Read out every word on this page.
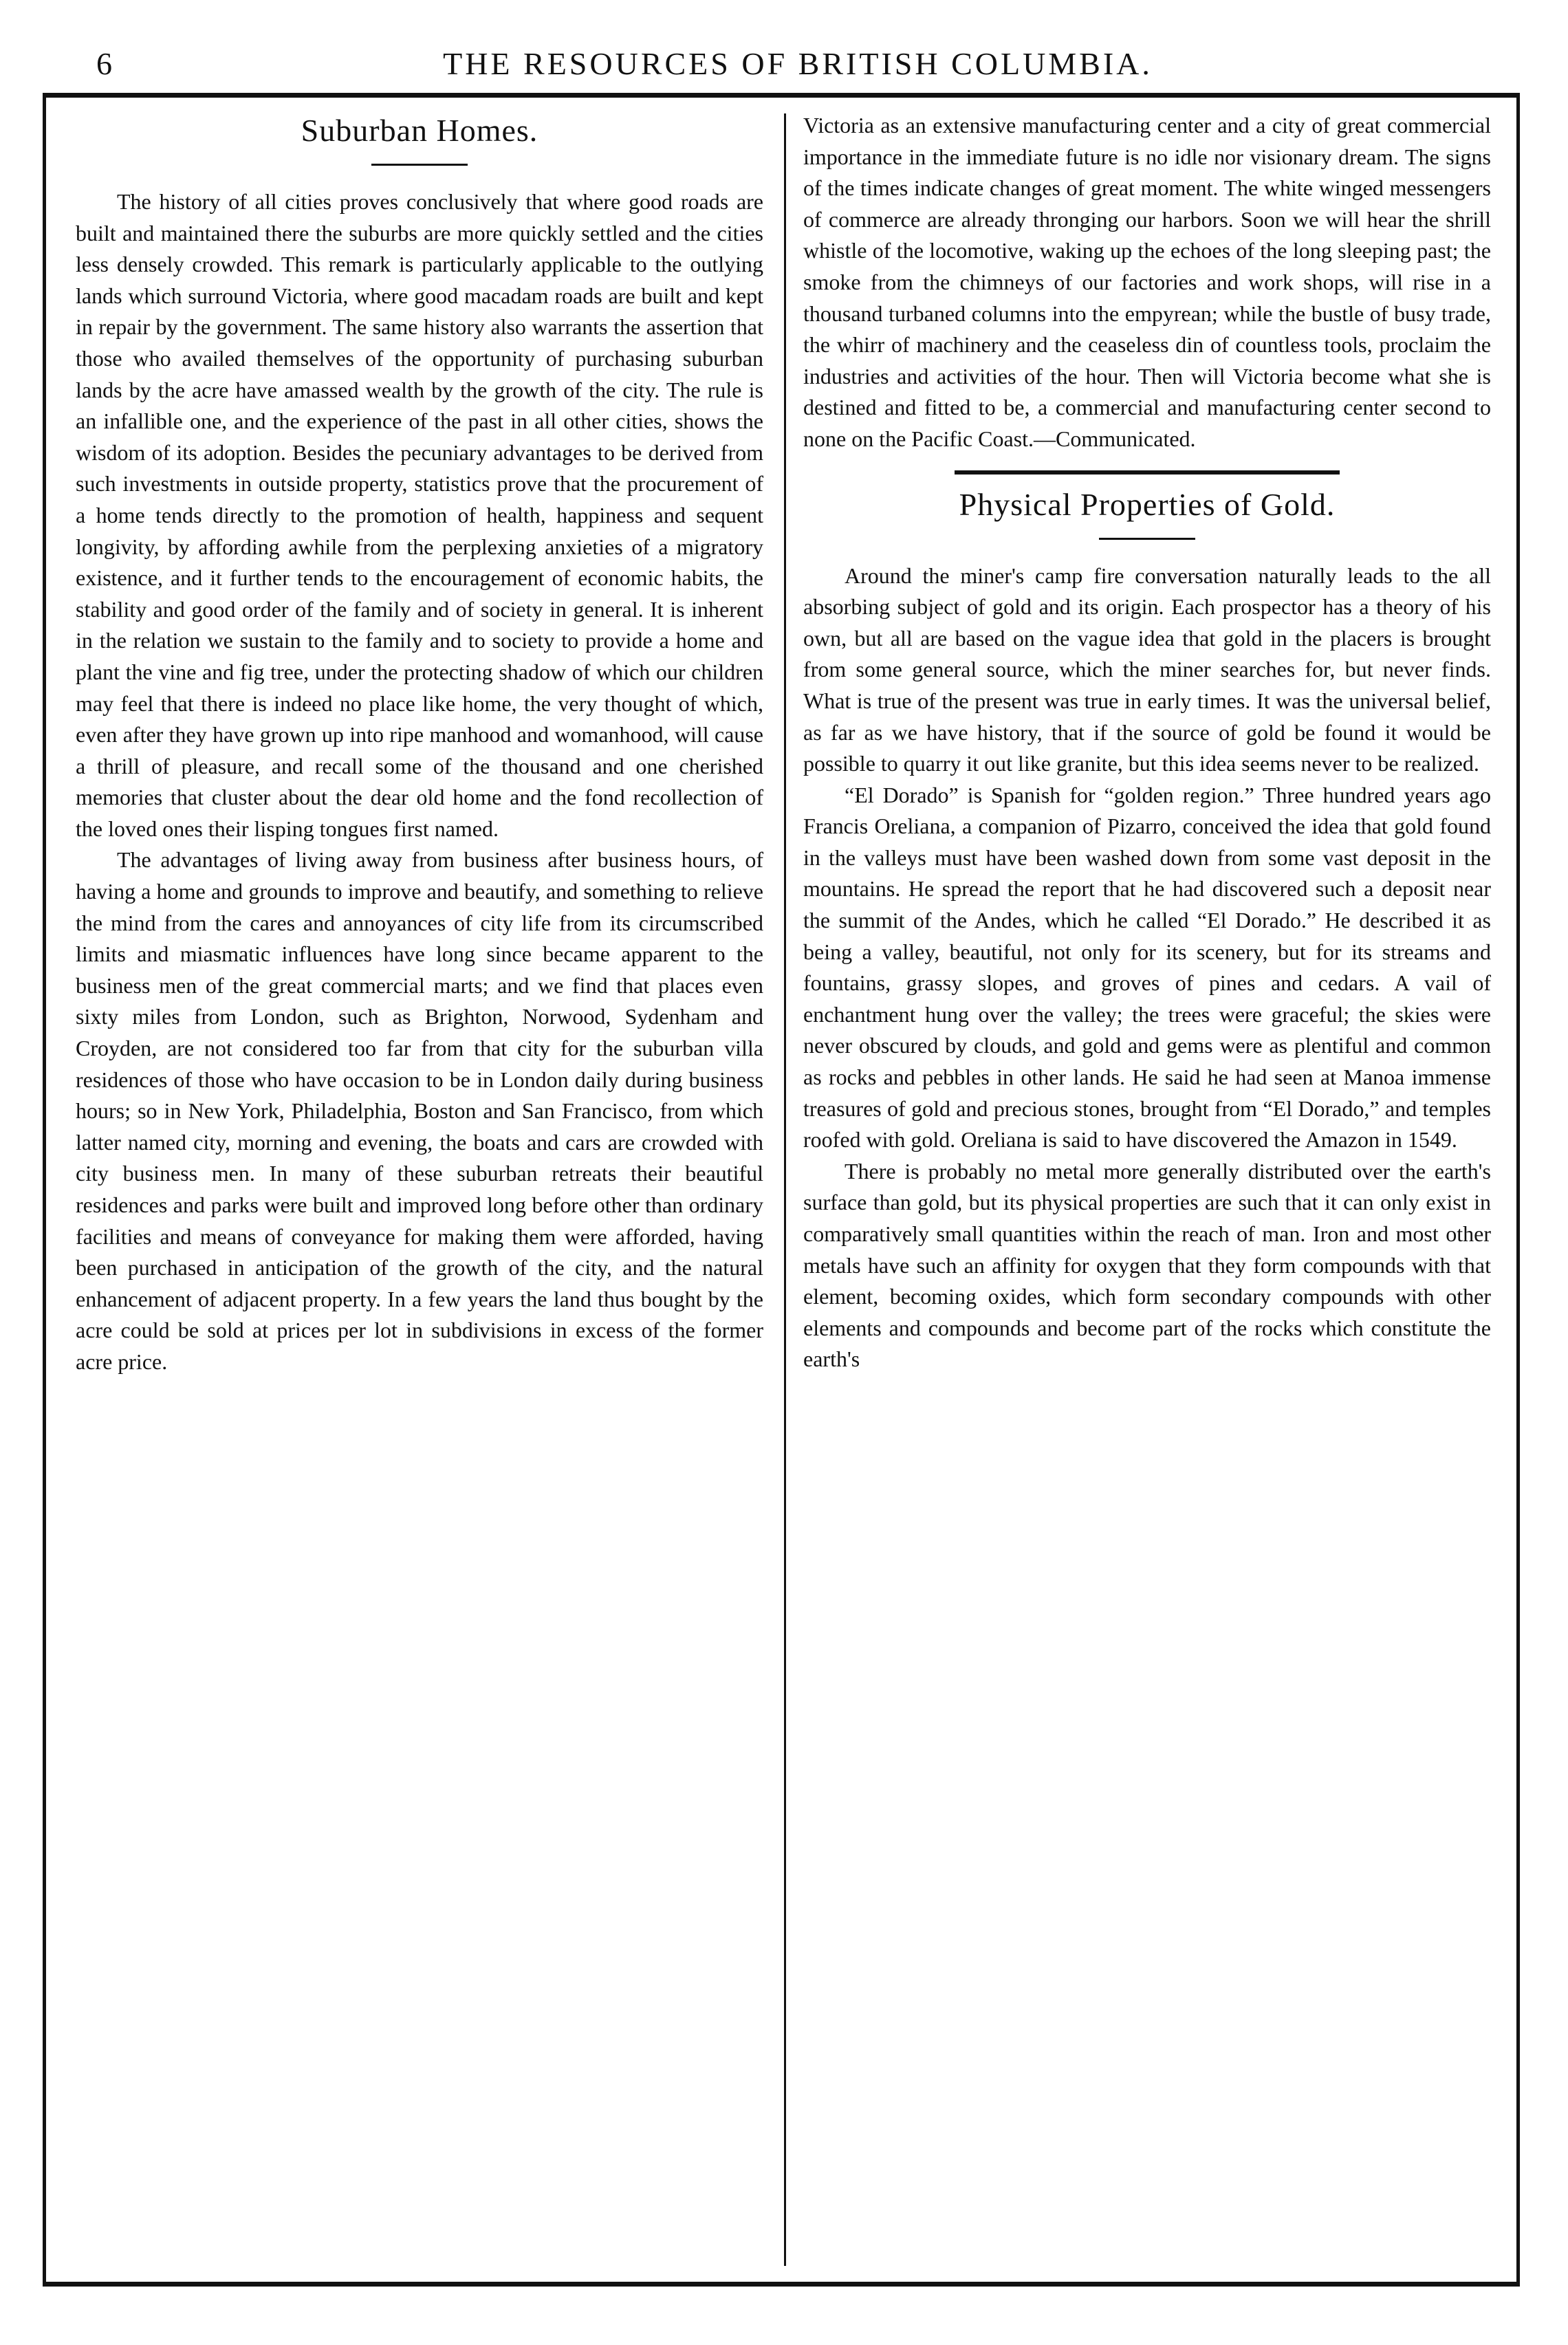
6	THE RESOURCES OF BRITISH COLUMBIA.
Suburban Homes.

The history of all cities proves conclusively that where good roads are built and maintained there the suburbs are more quickly settled and the cities less densely crowded. This remark is particularly applicable to the outlying lands which surround Victoria, where good macadam roads are built and kept in repair by the government. The same history also warrants the assertion that those who availed themselves of the opportunity of purchasing suburban lands by the acre have amassed wealth by the growth of the city. The rule is an infallible one, and the experience of the past in all other cities, shows the wisdom of its adoption. Besides the pecuniary advantages to be derived from such investments in outside property, statistics prove that the procurement of a home tends directly to the promotion of health, happiness and sequent longivity, by affording awhile from the perplexing anxieties of a migratory existence, and it further tends to the encouragement of economic habits, the stability and good order of the family and of society in general. It is inherent in the relation we sustain to the family and to society to provide a home and plant the vine and fig tree, under the protecting shadow of which our children may feel that there is indeed no place like home, the very thought of which, even after they have grown up into ripe manhood and womanhood, will cause a thrill of pleasure, and recall some of the thousand and one cherished memories that cluster about the dear old home and the fond recollection of the loved ones their lisping tongues first named.

The advantages of living away from business after business hours, of having a home and grounds to improve and beautify, and something to relieve the mind from the cares and annoyances of city life from its circumscribed limits and miasmatic influences have long since became apparent to the business men of the great commercial marts; and we find that places even sixty miles from London, such as Brighton, Norwood, Sydenham and Croyden, are not considered too far from that city for the suburban villa residences of those who have occasion to be in London daily during business hours; so in New York, Philadelphia, Boston and San Francisco, from which latter named city, morning and evening, the boats and cars are crowded with city business men. In many of these suburban retreats their beautiful residences and parks were built and improved long before other than ordinary facilities and means of conveyance for making them were afforded, having been purchased in anticipation of the growth of the city, and the natural enhancement of adjacent property. In a few years the land thus bought by the acre could be sold at prices per lot in subdivisions in excess of the former acre price.

Victoria as an extensive manufacturing center and a city of great commercial importance in the immediate future is no idle nor visionary dream. The signs of the times indicate changes of great moment. The white winged messengers of commerce are already thronging our harbors. Soon we will hear the shrill whistle of the locomotive, waking up the echoes of the long sleeping past; the smoke from the chimneys of our factories and work shops, will rise in a thousand turbaned columns into the empyrean; while the bustle of busy trade, the whirr of machinery and the ceaseless din of countless tools, proclaim the industries and activities of the hour. Then will Victoria become what she is destined and fitted to be, a commercial and manufacturing center second to none on the Pacific Coast.—Communicated.

Physical Properties of Gold.

Around the miner's camp fire conversation naturally leads to the all absorbing subject of gold and its origin. Each prospector has a theory of his own, but all are based on the vague idea that gold in the placers is brought from some general source, which the miner searches for, but never finds. What is true of the present was true in early times. It was the universal belief, as far as we have history, that if the source of gold be found it would be possible to quarry it out like granite, but this idea seems never to be realized.

“El Dorado” is Spanish for “golden region.” Three hundred years ago Francis Oreliana, a companion of Pizarro, conceived the idea that gold found in the valleys must have been washed down from some vast deposit in the mountains. He spread the report that he had discovered such a deposit near the summit of the Andes, which he called “El Dorado.” He described it as being a valley, beautiful, not only for its scenery, but for its streams and fountains, grassy slopes, and groves of pines and cedars. A vail of enchantment hung over the valley; the trees were graceful; the skies were never obscured by clouds, and gold and gems were as plentiful and common as rocks and pebbles in other lands. He said he had seen at Manoa immense treasures of gold and precious stones, brought from “El Dorado,” and temples roofed with gold. Oreliana is said to have discovered the Amazon in 1549.

There is probably no metal more generally distributed over the earth's surface than gold, but its physical properties are such that it can only exist in comparatively small quantities within the reach of man. Iron and most other metals have such an affinity for oxygen that they form compounds with that element, becoming oxides, which form secondary compounds with other elements and compounds and become part of the rocks which constitute the earth's
